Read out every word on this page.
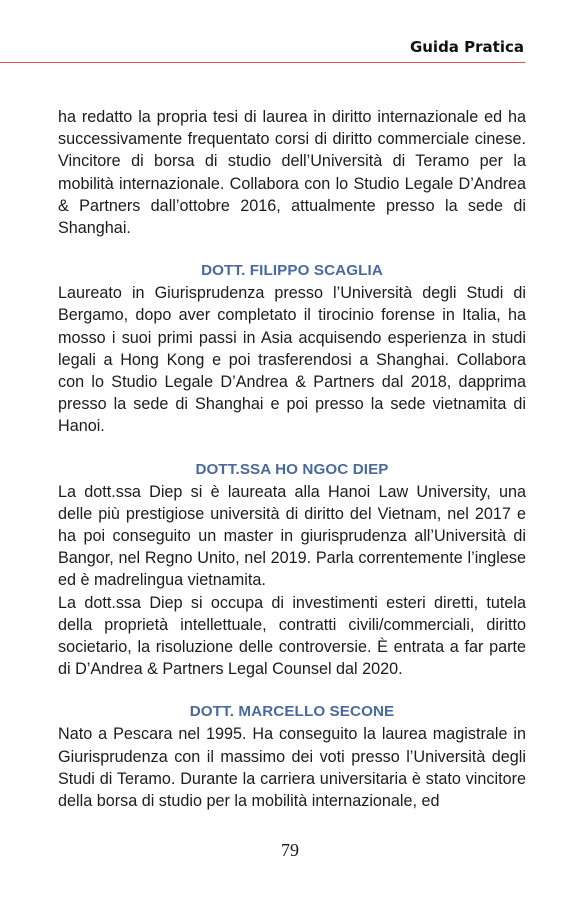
Guida Pratica

ha redatto la propria tesi di laurea in diritto internazionale ed ha successivamente frequentato corsi di diritto commerciale cinese. Vincitore di borsa di studio dell’Università di Teramo per la mobilità internazionale. Collabora con lo Studio Legale D’Andrea & Partners dall’ottobre 2016, attualmente presso la sede di Shanghai.

DOTT. FILIPPO SCAGLIA

Laureato in Giurisprudenza presso l’Università degli Studi di Bergamo, dopo aver completato il tirocinio forense in Italia, ha mosso i suoi primi passi in Asia acquisendo esperienza in studi legali a Hong Kong e poi trasferendosi a Shanghai. Collabora con lo Studio Legale D’Andrea & Partners dal 2018, dapprima presso la sede di Shanghai e poi presso la sede vietnamita di Hanoi.

DOTT.SSA HO NGOC DIEP

La dott.ssa Diep si è laureata alla Hanoi Law University, una delle più prestigiose università di diritto del Vietnam, nel 2017 e ha poi conseguito un master in giurisprudenza all’Università di Bangor, nel Regno Unito, nel 2019. Parla correntemente l’inglese ed è madrelingua vietnamita.

La dott.ssa Diep si occupa di investimenti esteri diretti, tutela della proprietà intellettuale, contratti civili/commerciali, diritto societario, la risoluzione delle controversie. È entrata a far parte di D’Andrea & Partners Legal Counsel dal 2020.

DOTT. MARCELLO SECONE

Nato a Pescara nel 1995. Ha conseguito la laurea magistrale in Giurisprudenza con il massimo dei voti presso l’Università degli Studi di Teramo. Durante la carriera universitaria è stato vincitore della borsa di studio per la mobilità internazionale, ed

79
